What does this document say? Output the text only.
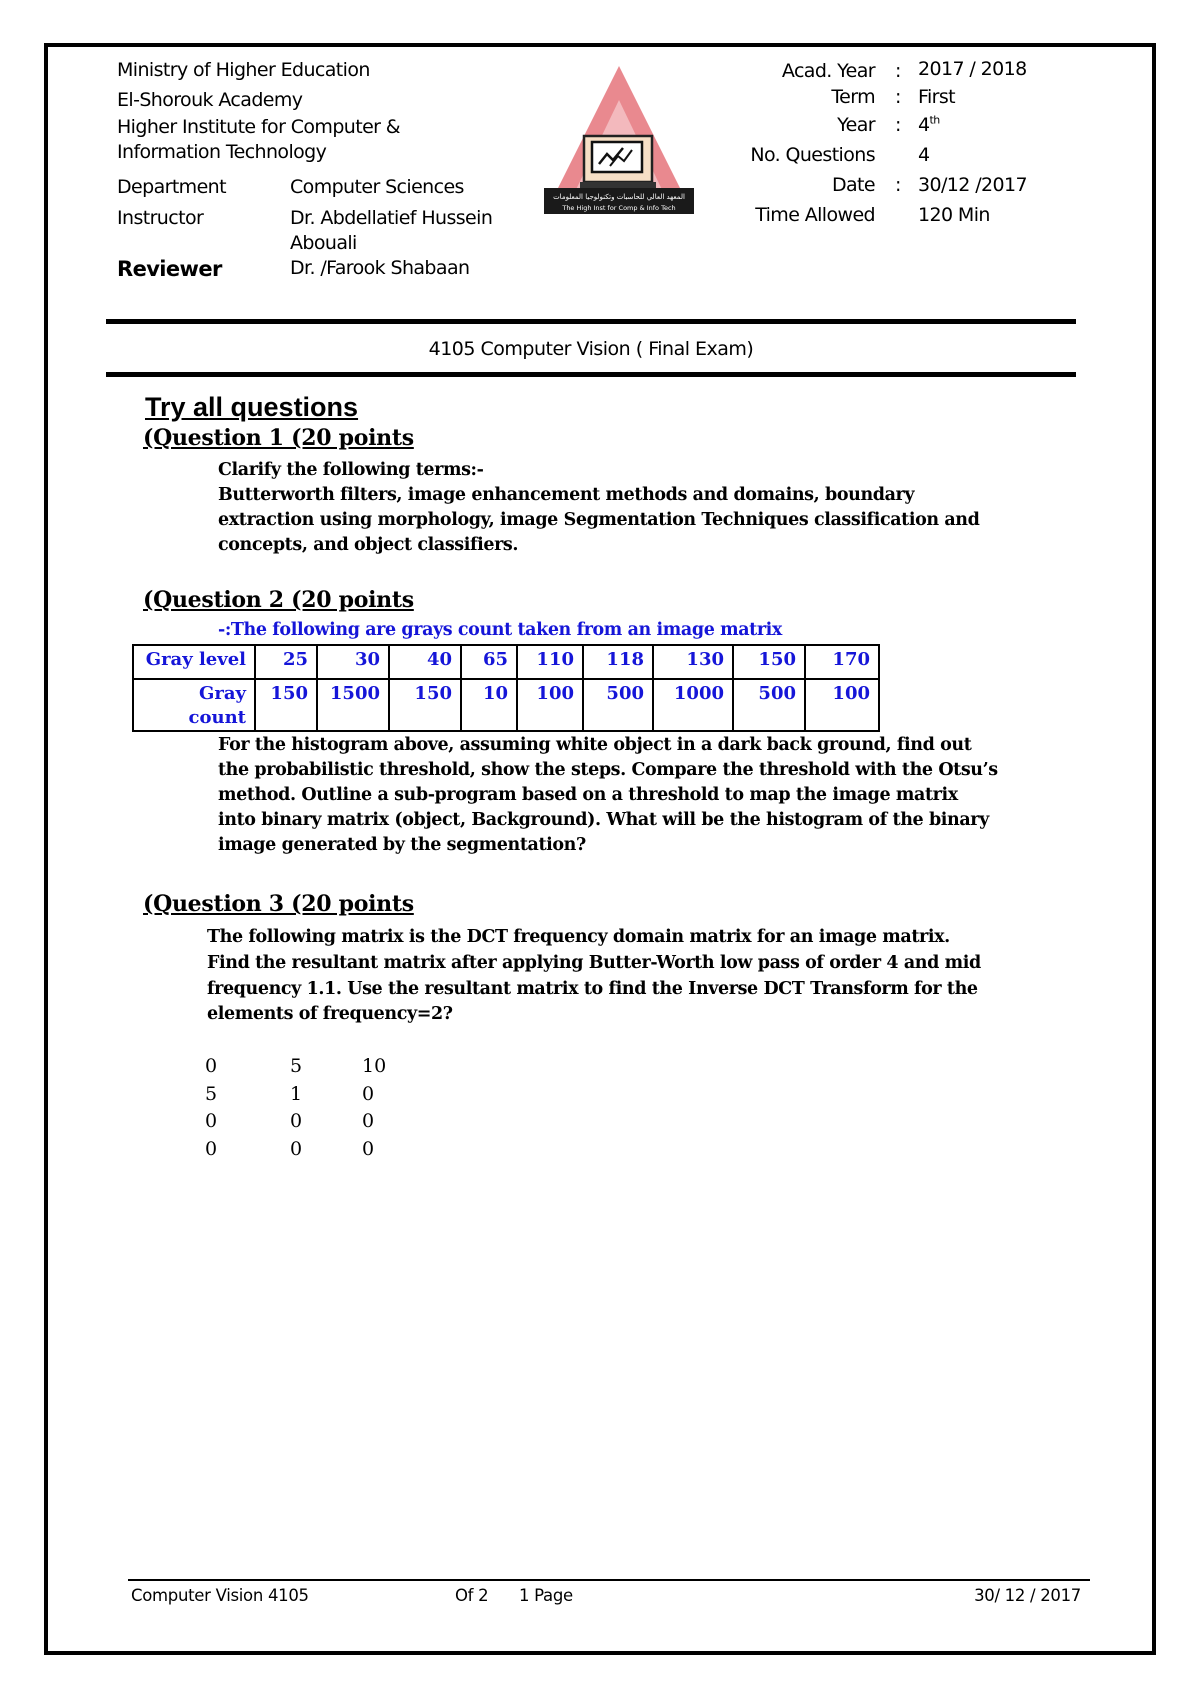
Ministry of Higher Education
El-Shorouk Academy
Higher Institute for Computer &
Information Technology
Department	Computer Sciences
Instructor	Dr. Abdellatief Hussein
Abouali
Reviewer	Dr. /Farook Shabaan
المعهد العالي للحاسبات وتكنولوجيا المعلومات
The High Inst for Comp & Info Tech
Acad. Year : 2017 / 2018
Term : First
Year : 4th
No. Questions 4
Date : 30/12 /2017
Time Allowed 120 Min
4105 Computer Vision ( Final Exam)
Try all questions
(Question 1 (20 points
Clarify the following terms:-
Butterworth filters, image enhancement methods and domains, boundary
extraction using morphology, image Segmentation Techniques classification and
concepts, and object classifiers.
(Question 2 (20 points
-:The following are grays count taken from an image matrix
Gray level	25	30	40	65	110	118	130	150	170

Gray
count	150	1500	150	10	100	500	1000	500	100
For the histogram above, assuming white object in a dark back ground, find out
the probabilistic threshold, show the steps. Compare the threshold with the Otsu’s
method. Outline a sub-program based on a threshold to map the image matrix
into binary matrix (object, Background). What will be the histogram of the binary
image generated by the segmentation?
(Question 3 (20 points
The following matrix is the DCT frequency domain matrix for an image matrix.
Find the resultant matrix after applying Butter-Worth low pass of order 4 and mid
frequency 1.1. Use the resultant matrix to find the Inverse DCT Transform for the
elements of frequency=2?
0	5	10
5	1	0
0	0	0
0	0	0
Computer Vision 4105	Of 2 1 Page	30/ 12 / 2017
